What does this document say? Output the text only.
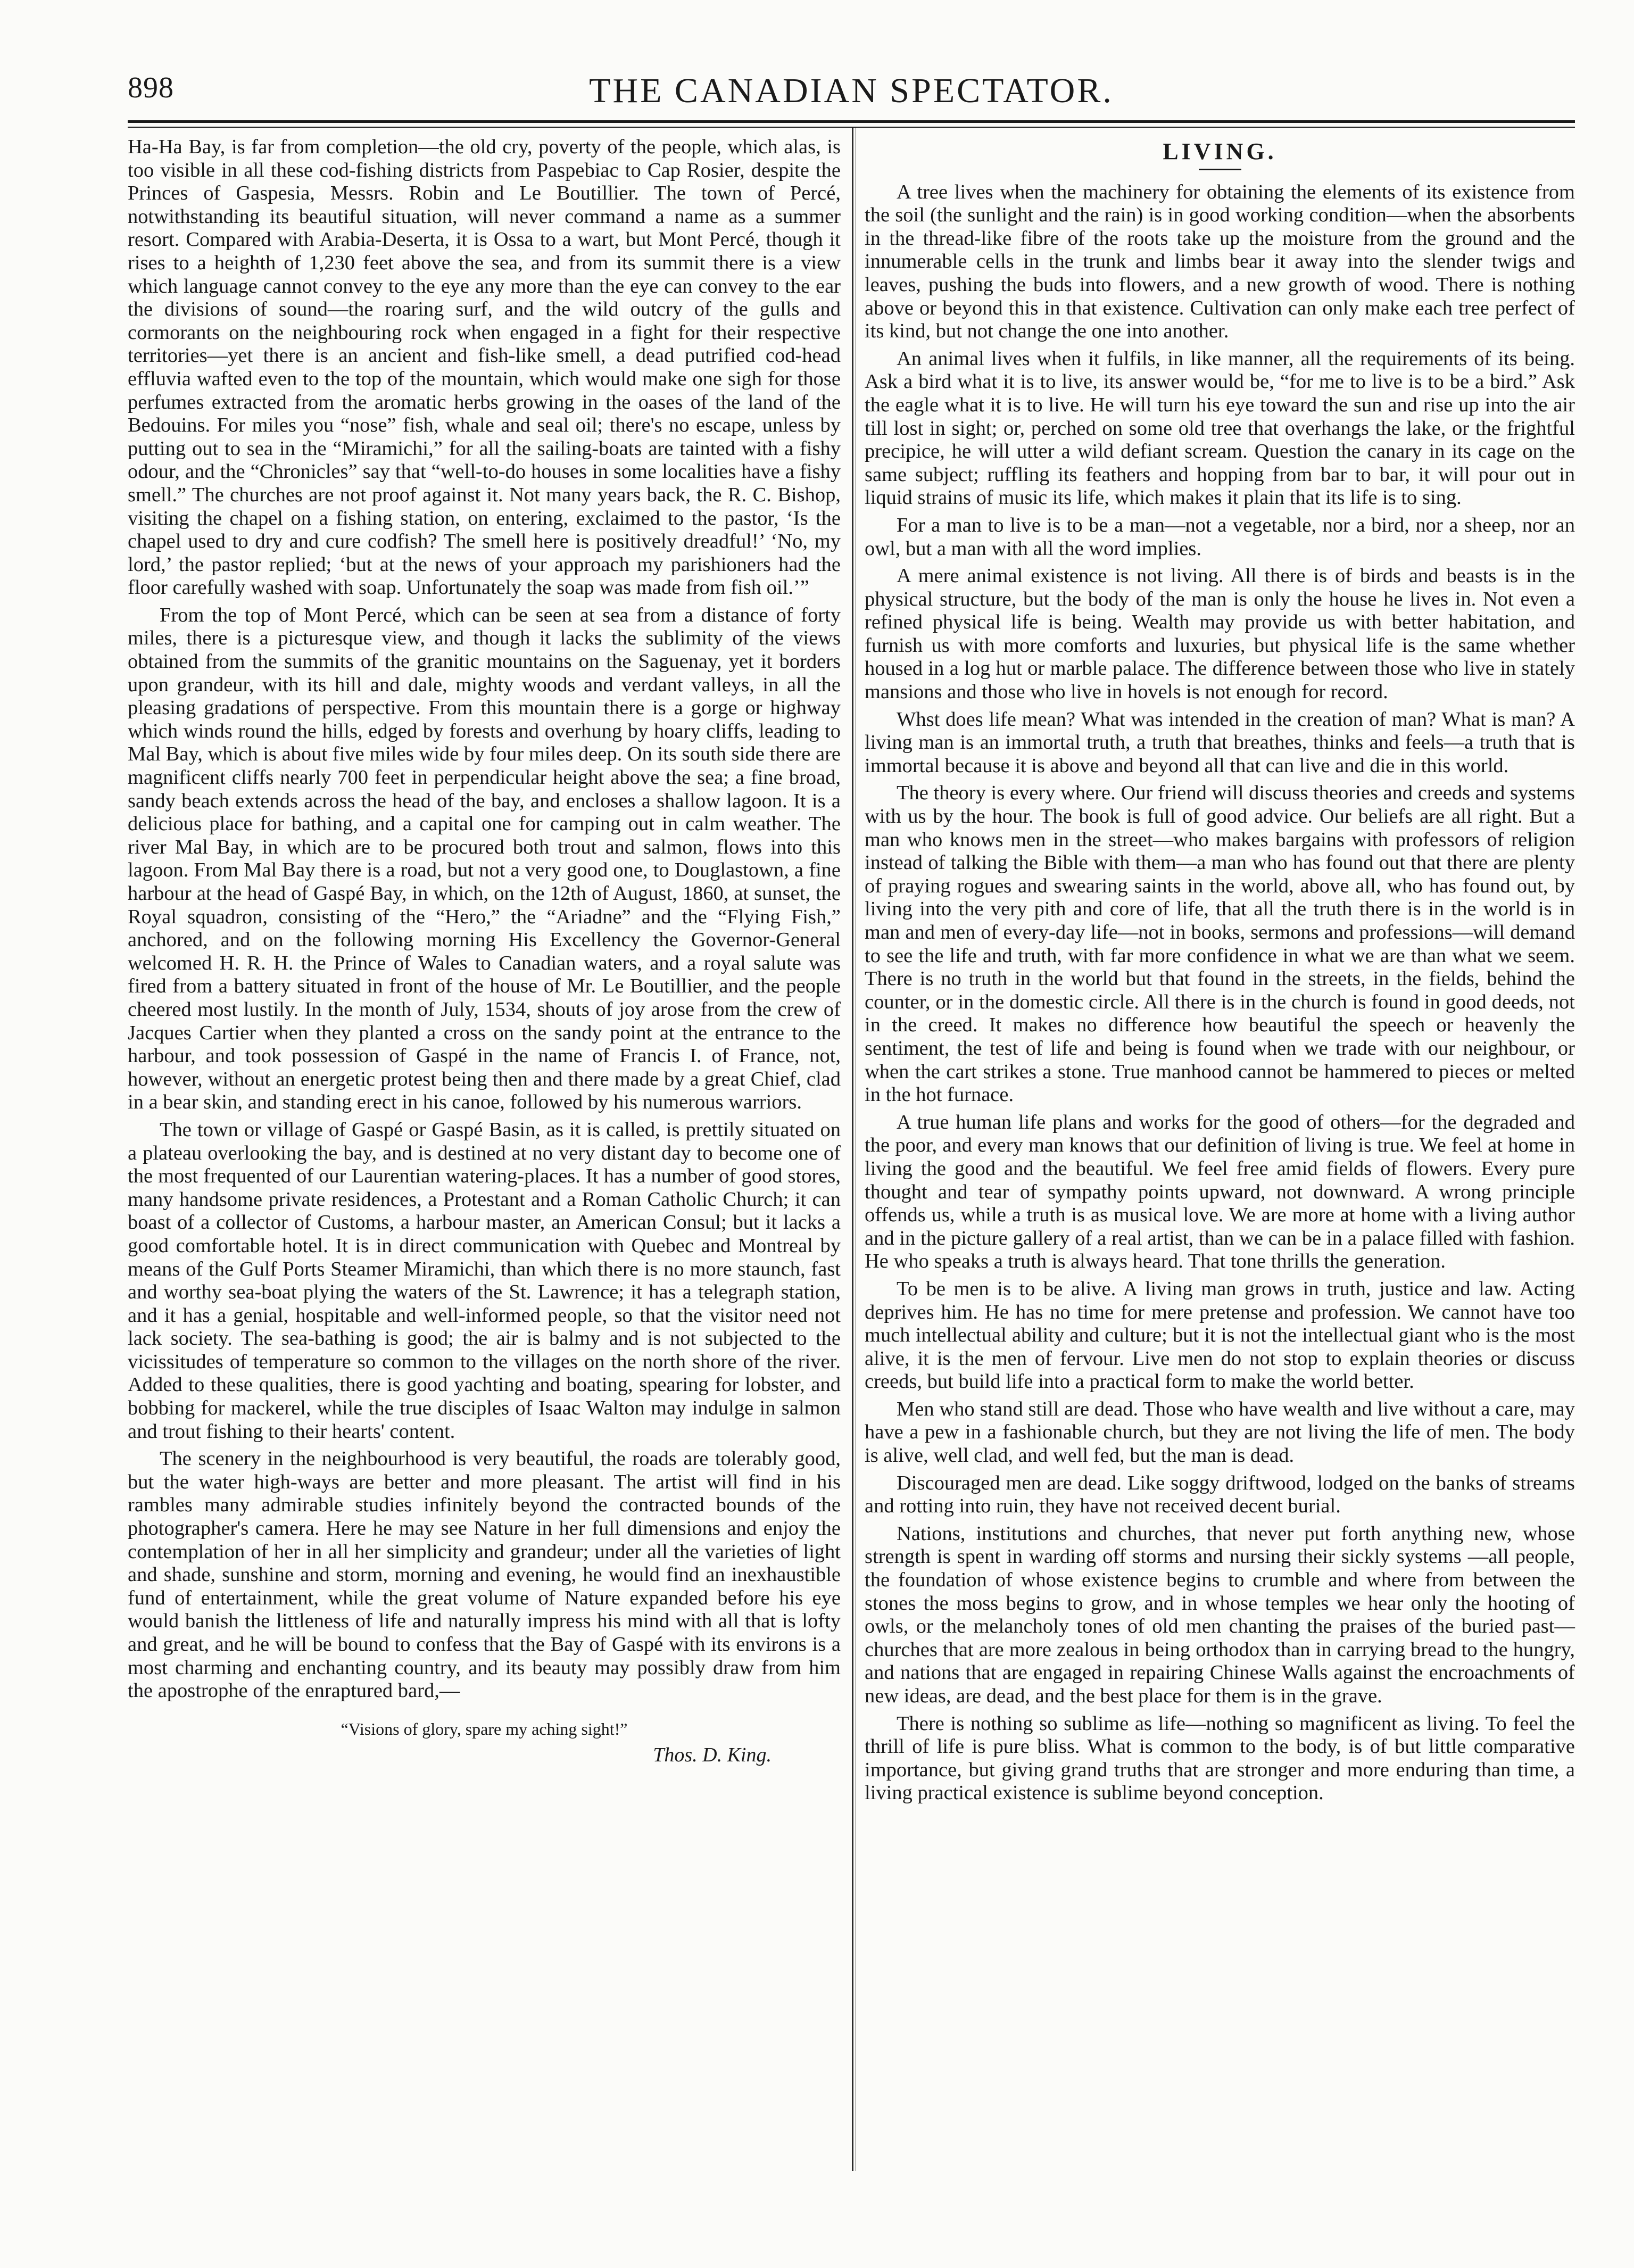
898	THE CANADIAN SPECTATOR.

Ha-Ha Bay, is far from completion—the old cry, poverty of the people, which alas, is too visible in all these cod-fishing districts from Paspebiac to Cap Rosier, despite the Princes of Gaspesia, Messrs. Robin and Le Boutillier. The town of Percé, notwithstanding its beautiful situation, will never command a name as a summer resort. Compared with Arabia-Deserta, it is Ossa to a wart, but Mont Percé, though it rises to a heighth of 1,230 feet above the sea, and from its summit there is a view which language cannot convey to the eye any more than the eye can convey to the ear the divisions of sound—the roaring surf, and the wild outcry of the gulls and cormorants on the neighbouring rock when engaged in a fight for their respective territories—yet there is an ancient and fish-like smell, a dead putrified cod-head effluvia wafted even to the top of the mountain, which would make one sigh for those perfumes extracted from the aromatic herbs growing in the oases of the land of the Bedouins. For miles you “nose” fish, whale and seal oil; there's no escape, unless by putting out to sea in the “Miramichi,” for all the sailing-boats are tainted with a fishy odour, and the “Chronicles” say that “well-to-do houses in some localities have a fishy smell.” The churches are not proof against it. Not many years back, the R. C. Bishop, visiting the chapel on a fishing station, on entering, exclaimed to the pastor, ‘Is the chapel used to dry and cure codfish? The smell here is positively dreadful!’ ‘No, my lord,’ the pastor replied; ‘but at the news of your approach my parishioners had the floor carefully washed with soap. Unfortunately the soap was made from fish oil.’”

From the top of Mont Percé, which can be seen at sea from a distance of forty miles, there is a picturesque view, and though it lacks the sublimity of the views obtained from the summits of the granitic mountains on the Saguenay, yet it borders upon grandeur, with its hill and dale, mighty woods and verdant valleys, in all the pleasing gradations of perspective. From this mountain there is a gorge or highway which winds round the hills, edged by forests and overhung by hoary cliffs, leading to Mal Bay, which is about five miles wide by four miles deep. On its south side there are magnificent cliffs nearly 700 feet in perpendicular height above the sea; a fine broad, sandy beach extends across the head of the bay, and encloses a shallow lagoon. It is a delicious place for bathing, and a capital one for camping out in calm weather. The river Mal Bay, in which are to be procured both trout and salmon, flows into this lagoon. From Mal Bay there is a road, but not a very good one, to Douglastown, a fine harbour at the head of Gaspé Bay, in which, on the 12th of August, 1860, at sunset, the Royal squadron, consisting of the “Hero,” the “Ariadne” and the “Flying Fish,” anchored, and on the following morning His Excellency the Governor-General welcomed H. R. H. the Prince of Wales to Canadian waters, and a royal salute was fired from a battery situated in front of the house of Mr. Le Boutillier, and the people cheered most lustily. In the month of July, 1534, shouts of joy arose from the crew of Jacques Cartier when they planted a cross on the sandy point at the entrance to the harbour, and took possession of Gaspé in the name of Francis I. of France, not, however, without an energetic protest being then and there made by a great Chief, clad in a bear skin, and standing erect in his canoe, followed by his numerous warriors.

The town or village of Gaspé or Gaspé Basin, as it is called, is prettily situated on a plateau overlooking the bay, and is destined at no very distant day to become one of the most frequented of our Laurentian watering-places. It has a number of good stores, many handsome private residences, a Protestant and a Roman Catholic Church; it can boast of a collector of Customs, a harbour master, an American Consul; but it lacks a good comfortable hotel. It is in direct communication with Quebec and Montreal by means of the Gulf Ports Steamer Miramichi, than which there is no more staunch, fast and worthy sea-boat plying the waters of the St. Lawrence; it has a telegraph station, and it has a genial, hospitable and well-informed people, so that the visitor need not lack society. The sea-bathing is good; the air is balmy and is not subjected to the vicissitudes of temperature so common to the villages on the north shore of the river. Added to these qualities, there is good yachting and boating, spearing for lobster, and bobbing for mackerel, while the true disciples of Isaac Walton may indulge in salmon and trout fishing to their hearts' content.

The scenery in the neighbourhood is very beautiful, the roads are tolerably good, but the water high-ways are better and more pleasant. The artist will find in his rambles many admirable studies infinitely beyond the contracted bounds of the photographer's camera. Here he may see Nature in her full dimensions and enjoy the contemplation of her in all her simplicity and grandeur; under all the varieties of light and shade, sunshine and storm, morning and evening, he would find an inexhaustible fund of entertainment, while the great volume of Nature expanded before his eye would banish the littleness of life and naturally impress his mind with all that is lofty and great, and he will be bound to confess that the Bay of Gaspé with its environs is a most charming and enchanting country, and its beauty may possibly draw from him the apostrophe of the enraptured bard,—

“Visions of glory, spare my aching sight!”
Thos. D. King.
LIVING.

A tree lives when the machinery for obtaining the elements of its existence from the soil (the sunlight and the rain) is in good working condition—when the absorbents in the thread-like fibre of the roots take up the moisture from the ground and the innumerable cells in the trunk and limbs bear it away into the slender twigs and leaves, pushing the buds into flowers, and a new growth of wood. There is nothing above or beyond this in that existence. Cultivation can only make each tree perfect of its kind, but not change the one into another.

An animal lives when it fulfils, in like manner, all the requirements of its being. Ask a bird what it is to live, its answer would be, “for me to live is to be a bird.” Ask the eagle what it is to live. He will turn his eye toward the sun and rise up into the air till lost in sight; or, perched on some old tree that overhangs the lake, or the frightful precipice, he will utter a wild defiant scream. Question the canary in its cage on the same subject; ruffling its feathers and hopping from bar to bar, it will pour out in liquid strains of music its life, which makes it plain that its life is to sing.

For a man to live is to be a man—not a vegetable, nor a bird, nor a sheep, nor an owl, but a man with all the word implies.

A mere animal existence is not living. All there is of birds and beasts is in the physical structure, but the body of the man is only the house he lives in. Not even a refined physical life is being. Wealth may provide us with better habitation, and furnish us with more comforts and luxuries, but physical life is the same whether housed in a log hut or marble palace. The difference between those who live in stately mansions and those who live in hovels is not enough for record.

Whst does life mean? What was intended in the creation of man? What is man? A living man is an immortal truth, a truth that breathes, thinks and feels—a truth that is immortal because it is above and beyond all that can live and die in this world.

The theory is every where. Our friend will discuss theories and creeds and systems with us by the hour. The book is full of good advice. Our beliefs are all right. But a man who knows men in the street—who makes bargains with professors of religion instead of talking the Bible with them—a man who has found out that there are plenty of praying rogues and swearing saints in the world, above all, who has found out, by living into the very pith and core of life, that all the truth there is in the world is in man and men of every-day life—not in books, sermons and professions—will demand to see the life and truth, with far more confidence in what we are than what we seem. There is no truth in the world but that found in the streets, in the fields, behind the counter, or in the domestic circle. All there is in the church is found in good deeds, not in the creed. It makes no difference how beautiful the speech or heavenly the sentiment, the test of life and being is found when we trade with our neighbour, or when the cart strikes a stone. True manhood cannot be hammered to pieces or melted in the hot furnace.

A true human life plans and works for the good of others—for the degraded and the poor, and every man knows that our definition of living is true. We feel at home in living the good and the beautiful. We feel free amid fields of flowers. Every pure thought and tear of sympathy points upward, not downward. A wrong principle offends us, while a truth is as musical love. We are more at home with a living author and in the picture gallery of a real artist, than we can be in a palace filled with fashion. He who speaks a truth is always heard. That tone thrills the generation.

To be men is to be alive. A living man grows in truth, justice and law. Acting deprives him. He has no time for mere pretense and profession. We cannot have too much intellectual ability and culture; but it is not the intellectual giant who is the most alive, it is the men of fervour. Live men do not stop to explain theories or discuss creeds, but build life into a practical form to make the world better.

Men who stand still are dead. Those who have wealth and live without a care, may have a pew in a fashionable church, but they are not living the life of men. The body is alive, well clad, and well fed, but the man is dead.

Discouraged men are dead. Like soggy driftwood, lodged on the banks of streams and rotting into ruin, they have not received decent burial.

Nations, institutions and churches, that never put forth anything new, whose strength is spent in warding off storms and nursing their sickly systems —all people, the foundation of whose existence begins to crumble and where from between the stones the moss begins to grow, and in whose temples we hear only the hooting of owls, or the melancholy tones of old men chanting the praises of the buried past—churches that are more zealous in being orthodox than in carrying bread to the hungry, and nations that are engaged in repairing Chinese Walls against the encroachments of new ideas, are dead, and the best place for them is in the grave.

There is nothing so sublime as life—nothing so magnificent as living. To feel the thrill of life is pure bliss. What is common to the body, is of but little comparative importance, but giving grand truths that are stronger and more enduring than time, a living practical existence is sublime beyond conception.
